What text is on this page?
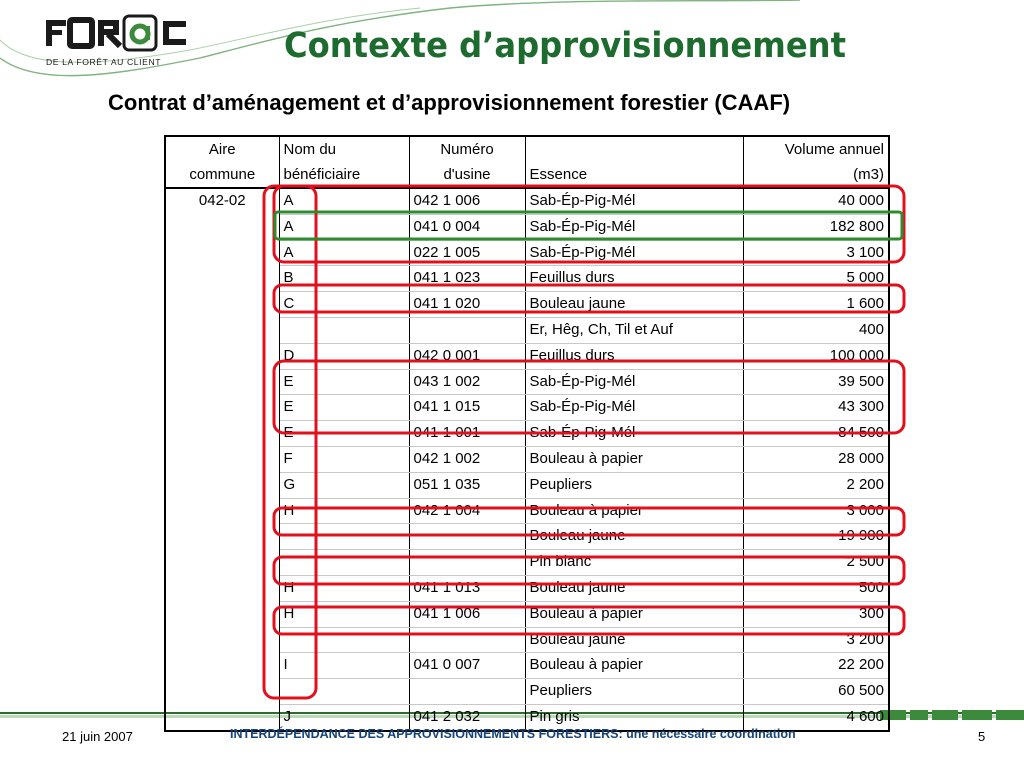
DE LA FORÊT AU CLIENT	Contexte d’approvisionnement
Contrat d’aménagement et d’approvisionnement forestier (CAAF)
Aire	Nom du	Numéro		Volume annuel
commune	bénéficiaire	d'usine	Essence	(m3)
042-02	A	042 1 006	Sab-Ép-Pig-Mél	40 000
	A	041 0 004	Sab-Ép-Pig-Mél	182 800
	A	022 1 005	Sab-Ép-Pig-Mél	3 100
	B	041 1 023	Feuillus durs	5 000
	C	041 1 020	Bouleau jaune	1 600
			Er, Hêg, Ch, Til et Auf	400
	D	042 0 001	Feuillus durs	100 000
	E	043 1 002	Sab-Ép-Pig-Mél	39 500
	E	041 1 015	Sab-Ép-Pig-Mél	43 300
	E	041 1 001	Sab-Ép-Pig-Mél	84 500
	F	042 1 002	Bouleau à papier	28 000
	G	051 1 035	Peupliers	2 200
	H	042 1 004	Bouleau à papier	3 000
			Bouleau jaune	19 900
			Pin blanc	2 500
	H	041 1 013	Bouleau jaune	500
	H	041 1 006	Bouleau à papier	300
			Bouleau jaune	3 200
	I	041 0 007	Bouleau à papier	22 200
			Peupliers	60 500
	J	041 2 032	Pin gris	4 600
21 juin 2007	INTERDÉPENDANCE DES APPROVISIONNEMENTS FORESTIERS: une nécessaire coordination	5
